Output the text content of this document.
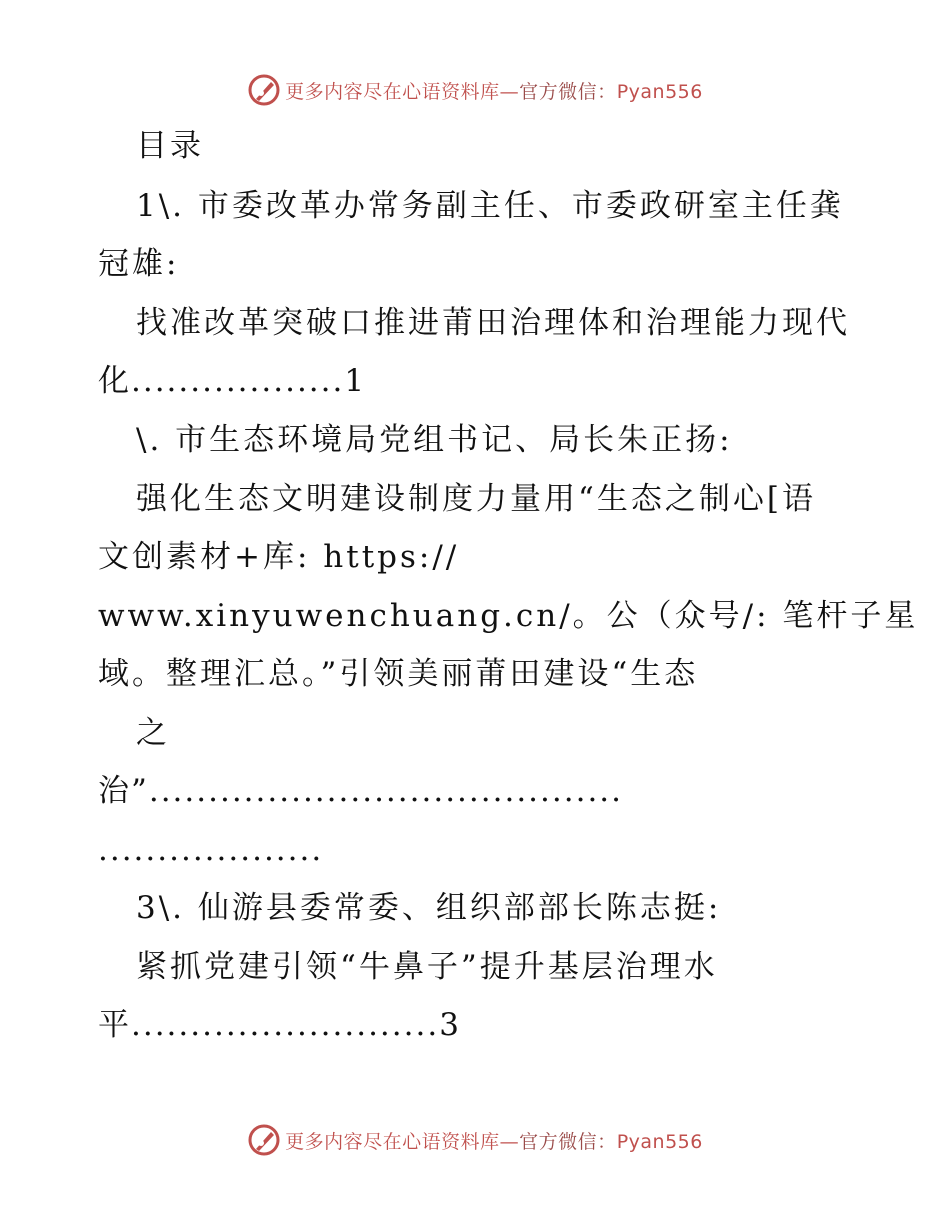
更多内容尽在心语资料库—官方微信：Pyan556
目录
1\. 市委改革办常务副主任、市委政研室主任龚
冠雄:
找准改革突破口推进莆田治理体和治理能力现代
化..................1
\. 市生态环境局党组书记、局长朱正扬:
强化生态文明建设制度力量用“生态之制心[语
文创素材+库: https://
www.xinyuwenchuang.cn/。公（众号/: 笔杆子星
域。整理汇总。”引领美丽莆田建设“生态
之
治”........................................
...................
3\. 仙游县委常委、组织部部长陈志挺:
紧抓党建引领“牛鼻子”提升基层治理水
平..........................3
更多内容尽在心语资料库—官方微信：Pyan556
